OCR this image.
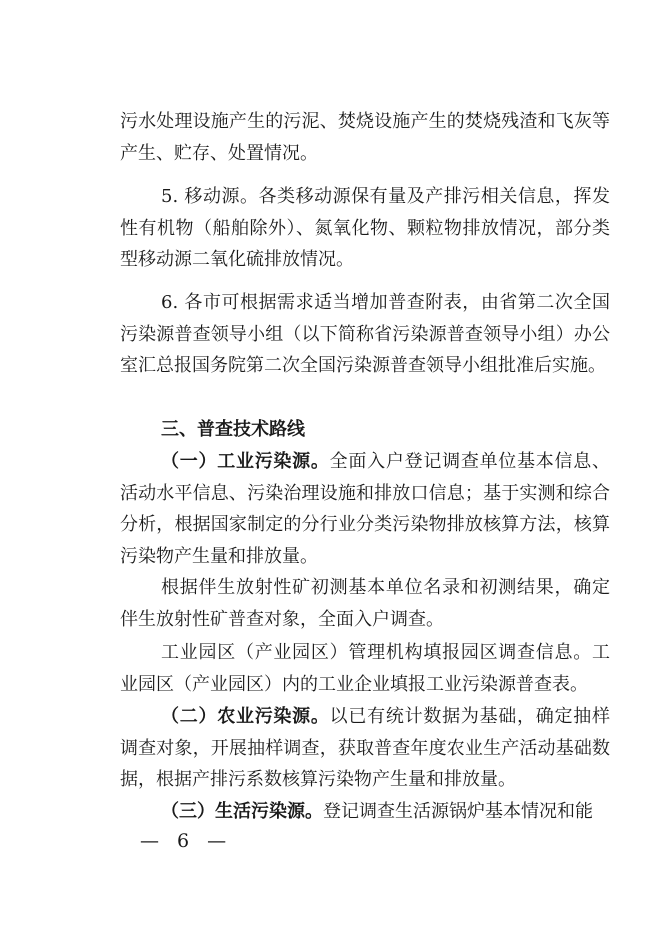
污水处理设施产生的污泥、焚烧设施产生的焚烧残渣和飞灰等产生、贮存、处置情况。

5. 移动源。各类移动源保有量及产排污相关信息，挥发性有机物（船舶除外）、氮氧化物、颗粒物排放情况，部分类型移动源二氧化硫排放情况。

6. 各市可根据需求适当增加普查附表，由省第二次全国污染源普查领导小组（以下简称省污染源普查领导小组）办公室汇总报国务院第二次全国污染源普查领导小组批准后实施。

三、普查技术路线

（一）工业污染源。全面入户登记调查单位基本信息、活动水平信息、污染治理设施和排放口信息；基于实测和综合分析，根据国家制定的分行业分类污染物排放核算方法，核算污染物产生量和排放量。

根据伴生放射性矿初测基本单位名录和初测结果，确定伴生放射性矿普查对象，全面入户调查。

工业园区（产业园区）管理机构填报园区调查信息。工业园区（产业园区）内的工业企业填报工业污染源普查表。

（二）农业污染源。以已有统计数据为基础，确定抽样调查对象，开展抽样调查，获取普查年度农业生产活动基础数据，根据产排污系数核算污染物产生量和排放量。

（三）生活污染源。登记调查生活源锅炉基本情况和能

— 6 —
